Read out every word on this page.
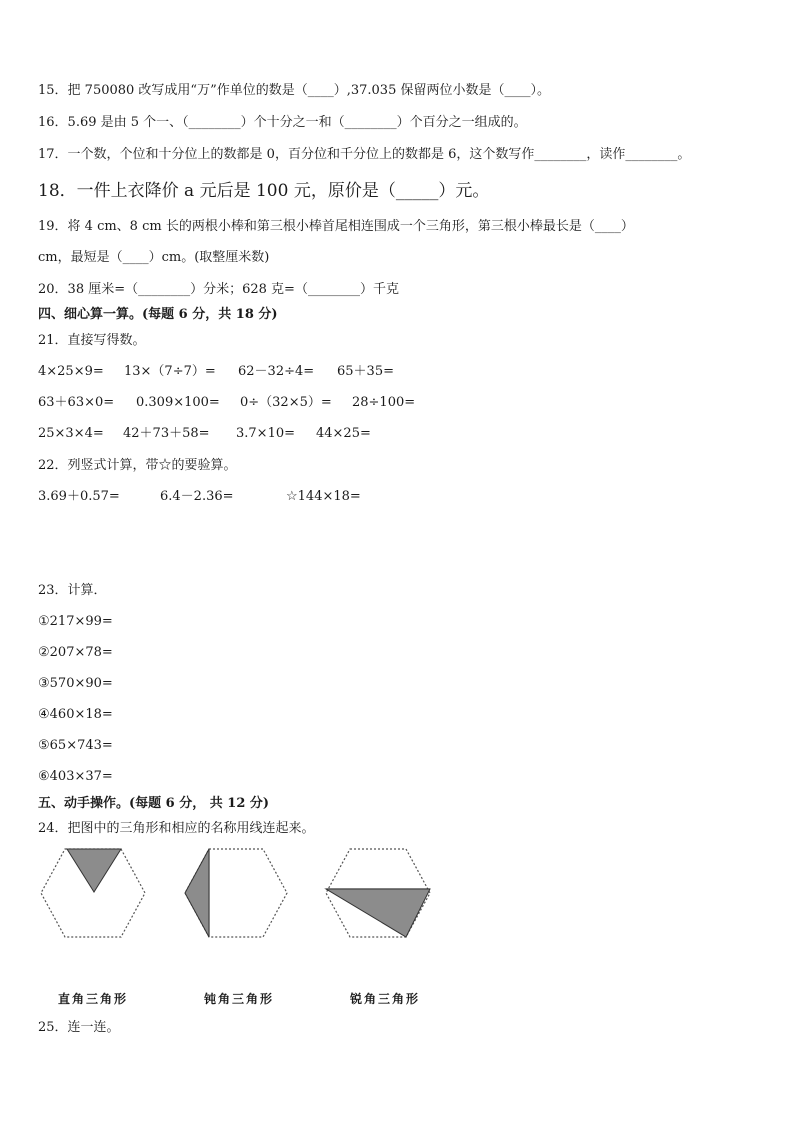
15．把 750080 改写成用“万”作单位的数是（____）,37.035 保留两位小数是（____）。
16．5.69 是由 5 个一、（________）个十分之一和（________）个百分之一组成的。
17．一个数，个位和十分位上的数都是 0，百分位和千分位上的数都是 6，这个数写作________，读作________。
18．一件上衣降价 a 元后是 100 元，原价是（_____）元。
19．将 4 cm、8 cm 长的两根小棒和第三根小棒首尾相连围成一个三角形，第三根小棒最长是（____）
cm，最短是（____）cm。(取整厘米数)
20．38 厘米=（________）分米；628 克=（________）千克
四、细心算一算。(每题 6 分，共 18 分)
21．直接写得数。
4×25×9= 13×（7÷7）= 62－32÷4= 65＋35=
63＋63×0= 0.309×100= 0÷（32×5）= 28÷100=
25×3×4= 42＋73＋58= 3.7×10= 44×25=
22．列竖式计算，带☆的要验算。
3.69＋0.57=	6.4－2.36=	☆144×18=
23．计算．
①217×99=
②207×78=
③570×90=
④460×18=
⑤65×743=
⑥403×37=
五、动手操作。(每题 6 分， 共 12 分)
24．把图中的三角形和相应的名称用线连起来。
直角三角形	钝角三角形	锐角三角形
25．连一连。
